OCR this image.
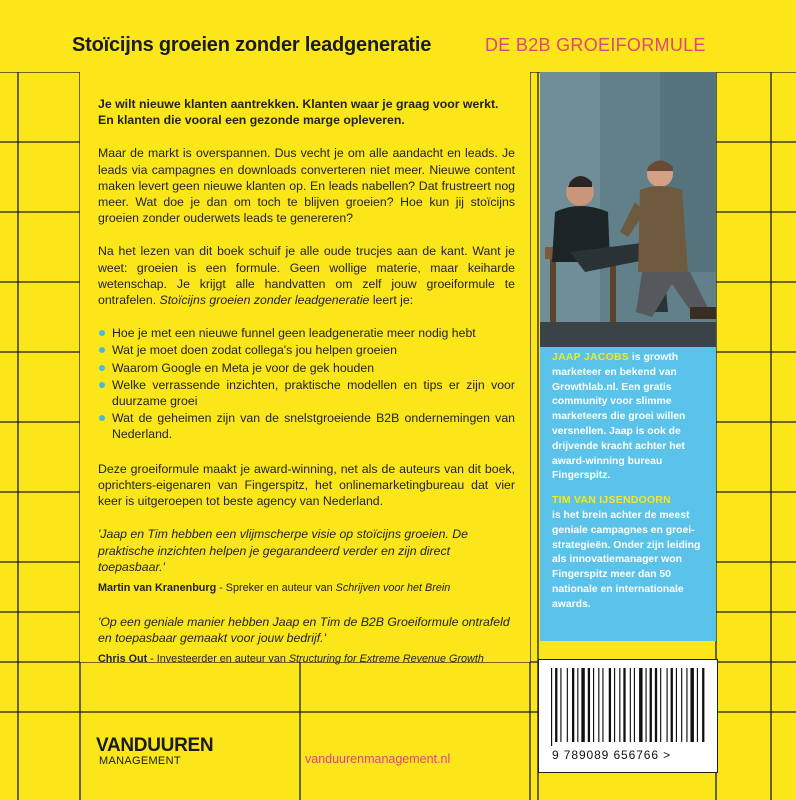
Stoïcijns groeien zonder leadgeneratie	DE B2B GROEIFORMULE

Je wilt nieuwe klanten aantrekken. Klanten waar je graag voor werkt. En klanten die vooral een gezonde marge opleveren.

Maar de markt is overspannen. Dus vecht je om alle aandacht en leads. Je leads via campagnes en downloads converteren niet meer. Nieuwe content maken levert geen nieuwe klanten op. En leads nabellen? Dat frustreert nog meer. Wat doe je dan om toch te blijven groeien? Hoe kun jij stoïcijns groeien zonder ouderwets leads te genereren?

Na het lezen van dit boek schuif je alle oude trucjes aan de kant. Want je weet: groeien is een formule. Geen wollige materie, maar keiharde wetenschap. Je krijgt alle handvatten om zelf jouw groeiformule te ontrafelen. Stoïcijns groeien zonder leadgeneratie leert je:

Hoe je met een nieuwe funnel geen leadgeneratie meer nodig hebt
Wat je moet doen zodat collega's jou helpen groeien
Waarom Google en Meta je voor de gek houden
Welke verrassende inzichten, praktische modellen en tips er zijn voor duurzame groei
Wat de geheimen zijn van de snelstgroeiende B2B ondernemingen van Nederland.

Deze groeiformule maakt je award-winning, net als de auteurs van dit boek, oprichters-eigenaren van Fingerspitz, het onlinemarketingbureau dat vier keer is uitgeroepen tot beste agency van Nederland.

'Jaap en Tim hebben een vlijmscherpe visie op stoïcijns groeien. De praktische inzichten helpen je gegarandeerd verder en zijn direct toepasbaar.'
Martin van Kranenburg - Spreker en auteur van Schrijven voor het Brein
'Op een geniale manier hebben Jaap en Tim de B2B Groeiformule ontrafeld en toepasbaar gemaakt voor jouw bedrijf.'
Chris Out - Investeerder en auteur van Structuring for Extreme Revenue Growth

JAAP JACOBS is growth marketeer en bekend van Growthlab.nl. Een gratis community voor slimme marketeers die groei willen versnellen. Jaap is ook de drijvende kracht achter het award-winning bureau Fingerspitz.

TIM VAN IJSENDOORN
is het brein achter de meest geniale campagnes en groei-strategieën. Onder zijn leiding als innovatiemanager won Fingerspitz meer dan 50 nationale en internationale awards.

9 789089 656766 >
VANDUUREN
MANAGEMENT	vanduurenmanagement.nl
